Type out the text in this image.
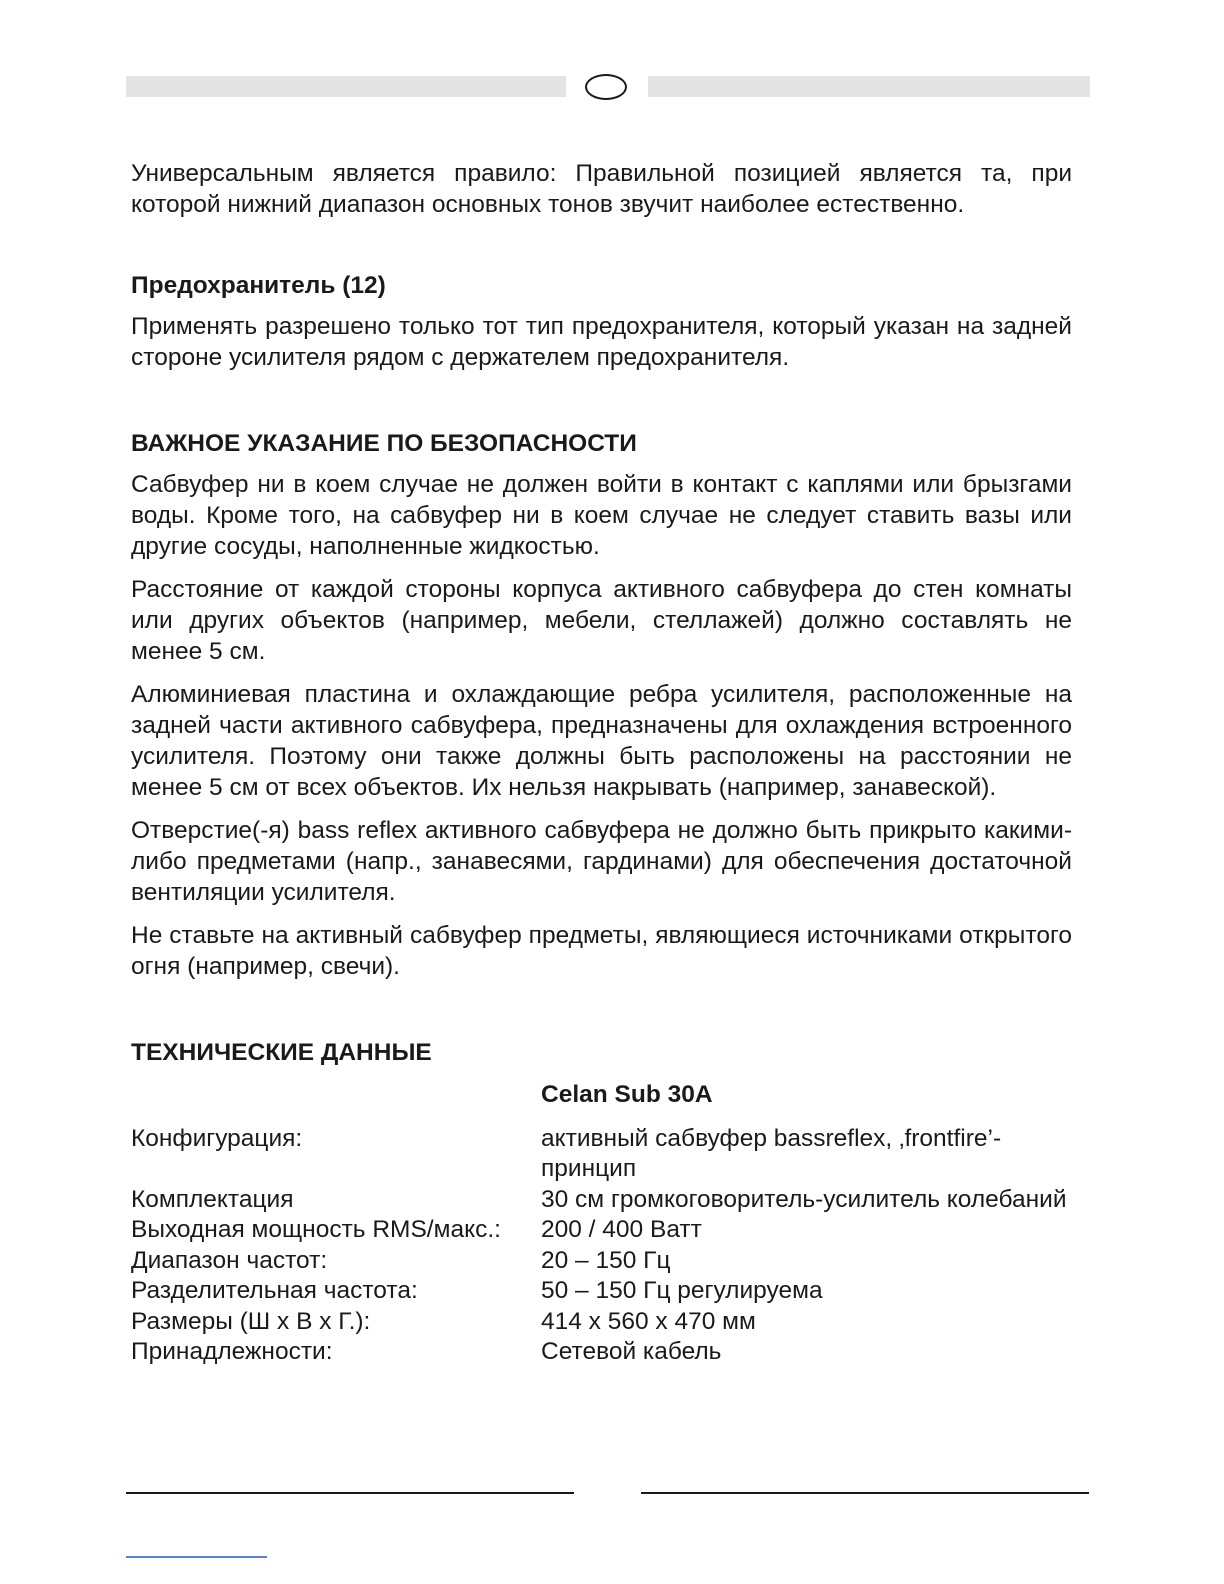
Универсальным является правило: Правильной позицией является та, при которой нижний диапазон основных тонов звучит наиболее естественно.

Предохранитель (12)

Применять разрешено только тот тип предохранителя, который указан на задней стороне усилителя рядом с держателем предохранителя.

ВАЖНОЕ УКАЗАНИЕ ПО БЕЗОПАСНОСТИ

Сабвуфер ни в коем случае не должен войти в контакт с каплями или брызгами воды. Кроме того, на сабвуфер ни в коем случае не следует ставить вазы или другие сосуды, наполненные жидкостью.

Расстояние от каждой стороны корпуса активного сабвуфера до стен комнаты или других объектов (например, мебели, стеллажей) должно составлять не менее 5 см.

Алюминиевая пластина и охлаждающие ребра усилителя, расположенные на задней части активного сабвуфера, предназначены для охлаждения встроенного усилителя. Поэтому они также должны быть расположены на расстоянии не менее 5 см от всех объектов. Их нельзя накрывать (например, занавеской).

Отверстие(-я) bass reflex активного сабвуфера не должно быть прикрыто какими-либо предметами (напр., занавесями, гардинами) для обеспечения достаточной вентиляции усилителя.

Не ставьте на активный сабвуфер предметы, являющиеся источниками открытого огня (например, свечи).

ТЕХНИЧЕСКИЕ ДАННЫЕ
	Celan Sub 30A
Конфигурация:	активный сабвуфер bassreflex, ‚frontfire’-принцип
Комплектация	30 см громкоговоритель-усилитель колебаний
Выходная мощность RMS/макс.:	200 / 400 Ватт
Диапазон частот:	20 – 150 Гц
Разделительная частота:	50 – 150 Гц регулируема
Размеры (Ш x В x Г.):	414 x 560 x 470 мм
Принадлежности:	Сетевой кабель
